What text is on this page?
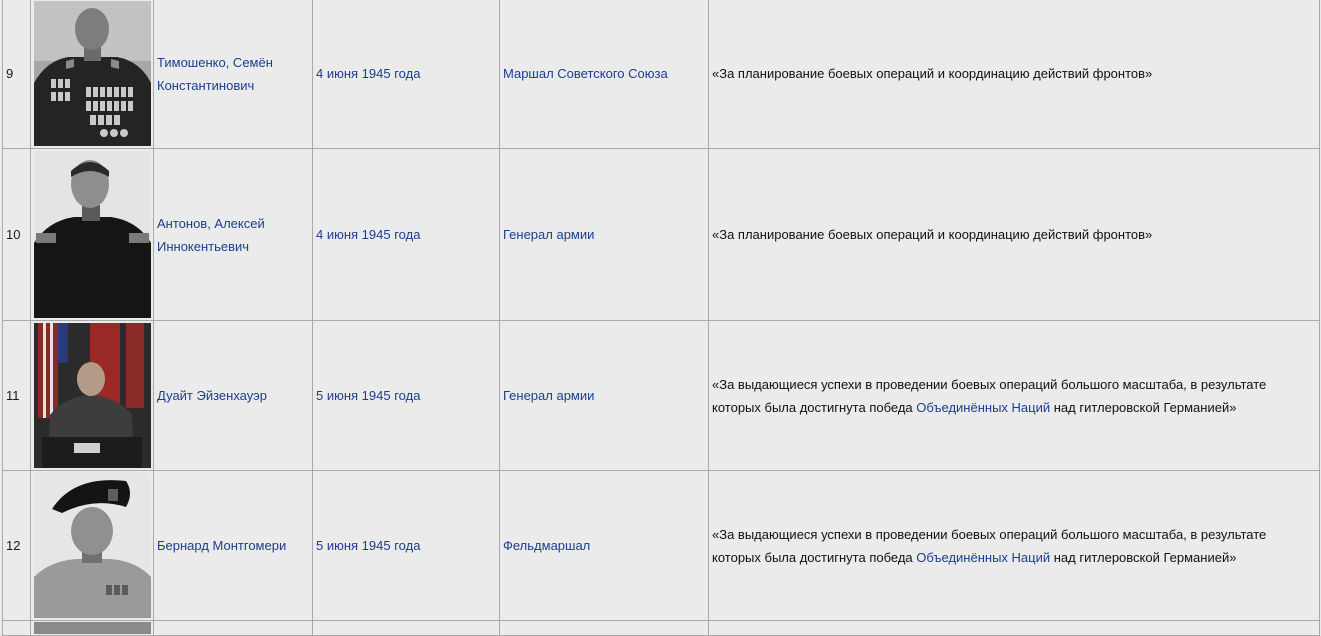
9		Тимошенко, Семён Константинович	4 июня 1945 года	Маршал Советского Союза	«За планирование боевых операций и координацию действий фронтов»
10		Антонов, Алексей Иннокентьевич	4 июня 1945 года	Генерал армии	«За планирование боевых операций и координацию действий фронтов»
11		Дуайт Эйзенхауэр	5 июня 1945 года	Генерал армии	«За выдающиеся успехи в проведении боевых операций большого масштаба, в результате которых была достигнута победа Объединённых Наций над гитлеровской Германией»
12		Бернард Монтгомери	5 июня 1945 года	Фельдмаршал	«За выдающиеся успехи в проведении боевых операций большого масштаба, в результате которых была достигнута победа Объединённых Наций над гитлеровской Германией»
